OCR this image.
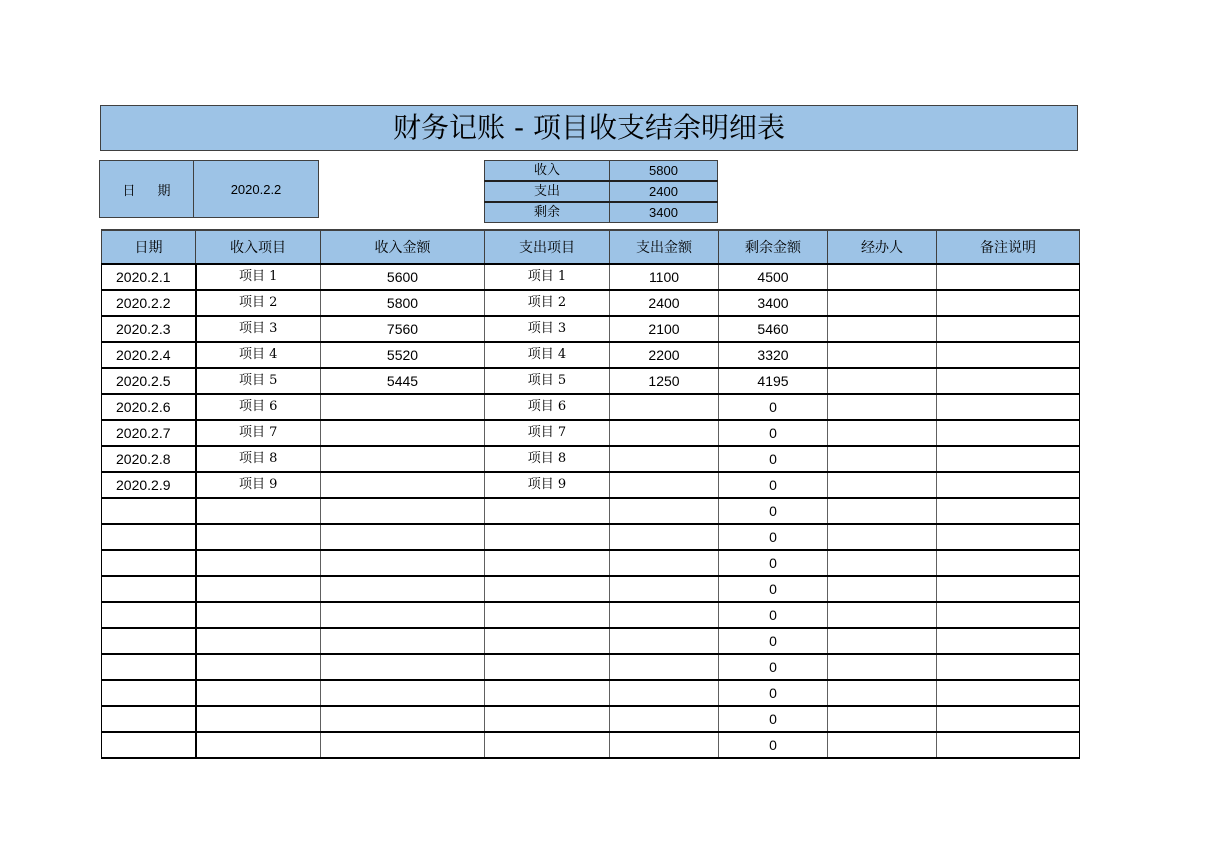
财务记账 - 项目收支结余明细表
日 期	2020.2.2
收入	5800
支出	2400
剩余	3400
日期	收入项目	收入金额	支出项目	支出金额	剩余金额	经办人	备注说明
2020.2.1	项目 1	5600	项目 1	1100	4500		
2020.2.2	项目 2	5800	项目 2	2400	3400		
2020.2.3	项目 3	7560	项目 3	2100	5460		
2020.2.4	项目 4	5520	项目 4	2200	3320		
2020.2.5	项目 5	5445	项目 5	1250	4195		
2020.2.6	项目 6		项目 6		0		
2020.2.7	项目 7		项目 7		0		
2020.2.8	项目 8		项目 8		0		
2020.2.9	项目 9		项目 9		0		
					0		
					0		
					0		
					0		
					0		
					0		
					0		
					0		
					0		
					0		
